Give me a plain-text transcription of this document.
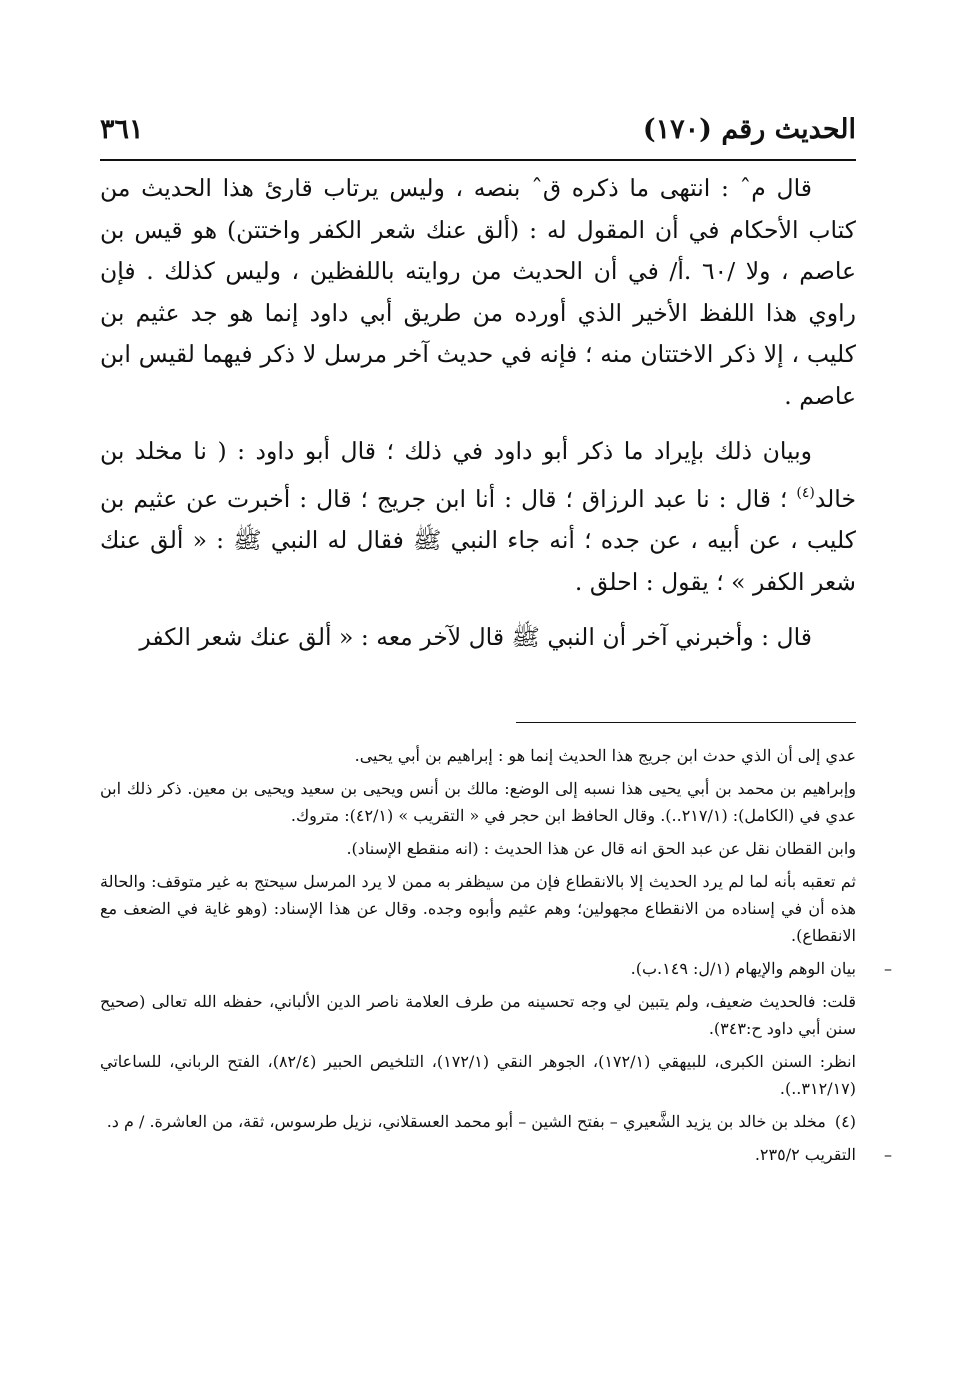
الحديث رقم (١٧٠)
٣٦١

قال مˆ : انتهى ما ذكره قˆ بنصه ، وليس يرتاب قارئ هذا الحديث من كتاب الأحكام في أن المقول له : (ألق عنك شعر الكفر واختتن) هو قيس بن عاصم ، ولا /٦٠ .أ/ في أن الحديث من روايته باللفظين ، وليس كذلك . فإن راوي هذا اللفظ الأخير الذي أورده من طريق أبي داود إنما هو جد عثيم بن كليب ، إلا ذكر الاختتان منه ؛ فإنه في حديث آخر مرسل لا ذكر فيهما لقيس ابن عاصم .

وبيان ذلك بإيراد ما ذكر أبو داود في ذلك ؛ قال أبو داود : ( نا مخلد بن خالد$^{(٤)}$ ؛ قال : نا عبد الرزاق ؛ قال : أنا ابن جريج ؛ قال : أخبرت عن عثيم بن كليب ، عن أبيه ، عن جده ؛ أنه جاء النبي ﷺ فقال له النبي ﷺ : « ألق عنك شعر الكفر » ؛ يقول : احلق .

قال : وأخبرني آخر أن النبي ﷺ قال لآخر معه : « ألق عنك شعر الكفر

عدي إلى أن الذي حدث ابن جريج هذا الحديث إنما هو : إبراهيم بن أبي يحيى.

وإبراهيم بن محمد بن أبي يحيى هذا نسبه إلى الوضع: مالك بن أنس ويحيى بن سعيد ويحيى بن معين. ذكر ذلك ابن عدي في (الكامل): (٢١٧/١..). وقال الحافظ ابن حجر في « التقريب » (٤٢/١): متروك.

وابن القطان نقل عن عبد الحق انه قال عن هذا الحديث : (انه منقطع الإسناد).

ثم تعقبه بأنه لما لم يرد الحديث إلا بالانقطاع فإن من سيظفر به ممن لا يرد المرسل سيحتج به غير متوقف: والحالة هذه أن في إسناده من الانقطاع مجهولين؛ وهم عثيم وأبوه وجده. وقال عن هذا الإسناد: (وهو غاية في الضعف مع الانقطاع).

–
بيان الوهم والإيهام (١/ل: ١٤٩.ب).

قلت: فالحديث ضعيف، ولم يتبين لي وجه تحسينه من طرف العلامة ناصر الدين الألباني، حفظه الله تعالى (صحيح سنن أبي داود ح:٣٤٣).

انظر: السنن الكبرى، للبيهقي (١٧٢/١)، الجوهر النقي (١٧٢/١)، التلخيص الحبير (٨٢/٤)، الفتح الرباني، للساعاتي (٣١٢/١٧..).

(٤) مخلد بن خالد بن يزيد الشَّعيري – بفتح الشين – أبو محمد العسقلاني، نزيل طرسوس، ثقة، من العاشرة. / م د.

–
التقريب ٢٣٥/٢.
